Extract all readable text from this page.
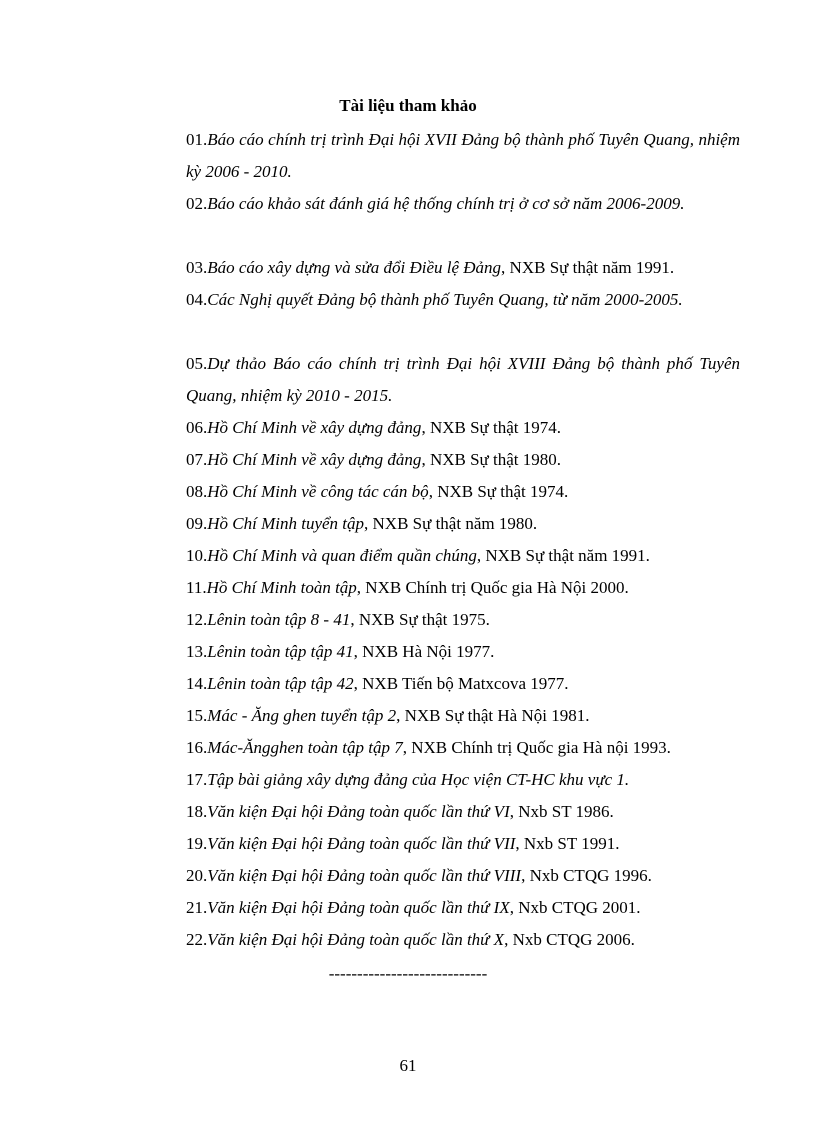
Tài liệu tham khảo
01.Báo cáo chính trị trình Đại hội XVII Đảng bộ thành phố Tuyên Quang, nhiệm kỳ 2006 - 2010.
02.Báo cáo khảo sát đánh giá hệ thống chính trị ở cơ sở năm 2006-2009.
03.Báo cáo xây dựng và sửa đổi Điều lệ Đảng, NXB Sự thật năm 1991.
04.Các Nghị quyết Đảng bộ thành phố Tuyên Quang, từ năm 2000-2005.
05.Dự thảo Báo cáo chính trị trình Đại hội XVIII Đảng bộ thành phố Tuyên Quang, nhiệm kỳ 2010 - 2015.
06.Hồ Chí Minh về xây dựng đảng, NXB Sự thật 1974.
07.Hồ Chí Minh về xây dựng đảng, NXB Sự thật 1980.
08.Hồ Chí Minh về công tác cán bộ, NXB Sự thật 1974.
09.Hồ Chí Minh tuyển tập, NXB Sự thật năm 1980.
10.Hồ Chí Minh và quan điểm quần chúng, NXB Sự thật năm 1991.
11.Hồ Chí Minh toàn tập, NXB Chính trị Quốc gia Hà Nội 2000.
12.Lênin toàn tập 8 - 41, NXB Sự thật 1975.
13.Lênin toàn tập tập 41, NXB Hà Nội 1977.
14.Lênin toàn tập tập 42, NXB Tiến bộ Matxcova 1977.
15.Mác - Ăng ghen tuyển tập 2, NXB Sự thật Hà Nội 1981.
16.Mác-Ăngghen toàn tập tập 7, NXB Chính trị Quốc gia Hà nội 1993.
17.Tập bài giảng xây dựng đảng của Học viện CT-HC khu vực 1.
18.Văn kiện Đại hội Đảng toàn quốc lần thứ VI, Nxb ST 1986.
19.Văn kiện Đại hội Đảng toàn quốc lần thứ VII, Nxb ST 1991.
20.Văn kiện Đại hội Đảng toàn quốc lần thứ VIII, Nxb CTQG 1996.
21.Văn kiện Đại hội Đảng toàn quốc lần thứ IX, Nxb CTQG 2001.
22.Văn kiện Đại hội Đảng toàn quốc lần thứ X, Nxb CTQG 2006.
----------------------------
61
